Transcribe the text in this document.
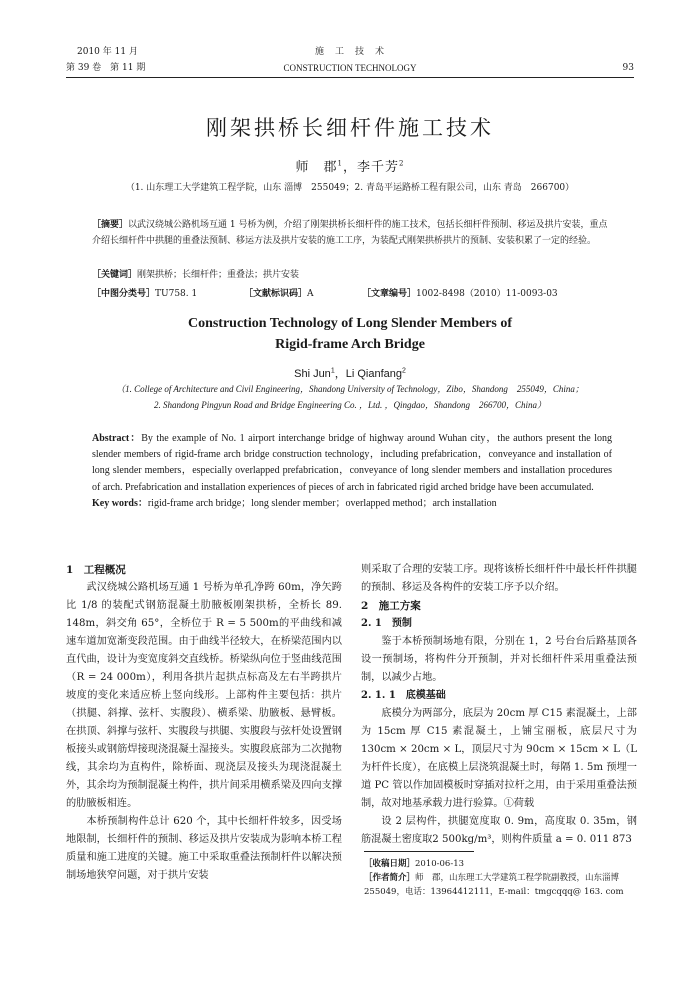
2010 年 11 月
第 39 卷　第 11 期
施　工　技　术
CONSTRUCTION TECHNOLOGY	93
刚架拱桥长细杆件施工技术
师　郡$^1$，李千芳$^2$
（1. 山东理工大学建筑工程学院，山东 淄博　255049；2. 青岛平运路桥工程有限公司，山东 青岛　266700）
［摘要］以武汉绕城公路机场互通 1 号桥为例，介绍了刚架拱桥长细杆件的施工技术，包括长细杆件预制、移运及拱片安装，重点介绍长细杆件中拱腿的重叠法预制、移运方法及拱片安装的施工工序，为装配式刚架拱桥拱片的预制、安装积累了一定的经验。
［关键词］刚架拱桥；长细杆件；重叠法；拱片安装
［中图分类号］TU758. 1	［文献标识码］A	［文章编号］1002-8498（2010）11-0093-03
Construction Technology of Long Slender Members of
Rigid-frame Arch Bridge
Shi Jun$^1$，Li Qianfang$^2$
（1. College of Architecture and Civil Engineering，Shandong University of Technology，Zibo，Shandong　255049，China；
2. Shandong Pingyun Road and Bridge Engineering Co. ，Ltd. ，Qingdao，Shandong　266700，China）
Abstract：By the example of No. 1 airport interchange bridge of highway around Wuhan city，the authors present the long slender members of rigid-frame arch bridge construction technology，including prefabrication，conveyance and installation of long slender members，especially overlapped prefabrication，conveyance of long slender members and installation procedures of arch. Prefabrication and installation experiences of pieces of arch in fabricated rigid arched bridge have been accumulated.
Key words：rigid-frame arch bridge；long slender member；overlapped method；arch installation
1　工程概况

武汉绕城公路机场互通 1 号桥为单孔净跨 60m，净矢跨比 1/8 的装配式钢筋混凝土肋腋板刚架拱桥，全桥长 89. 148m，斜交角 65°，全桥位于 R = 5 500m的平曲线和减速车道加宽渐变段范围。由于曲线半径较大，在桥梁范围内以直代曲，设计为变宽度斜交直线桥。桥梁纵向位于竖曲线范围（R = 24 000m），利用各拱片起拱点标高及左右半跨拱片坡度的变化来适应桥上竖向线形。上部构件主要包括：拱片（拱腿、斜撑、弦杆、实腹段）、横系梁、肋腋板、悬臂板。在拱顶、斜撑与弦杆、实腹段与拱腿、实腹段与弦杆处设置钢板接头或钢筋焊接现浇混凝土湿接头。实腹段底部为二次抛物线，其余均为直构件，除桥面、现浇层及接头为现浇混凝土外，其余均为预制混凝土构件，拱片间采用横系梁及四向支撑的肋腋板相连。

本桥预制构件总计 620 个，其中长细杆件较多，因受场地限制，长细杆件的预制、移运及拱片安装成为影响本桥工程质量和施工进度的关键。施工中采取重叠法预制杆件以解决预制场地狭窄问题，对于拱片安装

则采取了合理的安装工序。现将该桥长细杆件中最长杆件拱腿的预制、移运及各构件的安装工序予以介绍。

2　施工方案
2. 1　预制

鉴于本桥预制场地有限，分别在 1，2 号台台后路基顶各设一预制场，将构件分开预制，并对长细杆件采用重叠法预制，以减少占地。

2. 1. 1　底模基础

底模分为两部分，底层为 20cm 厚 C15 素混凝土，上部为 15cm 厚 C15 素混凝土，上铺宝丽板，底层尺寸为 130cm × 20cm × L，顶层尺寸为 90cm × 15cm × L（L 为杆件长度），在底模上层浇筑混凝土时，每隔 1. 5m 预埋一道 PC 管以作加固模板时穿插对拉杆之用，由于采用重叠法预制，故对地基承载力进行验算。①荷载

设 2 层构件，拱腿宽度取 0. 9m，高度取 0. 35m，钢筋混凝土密度取2 500kg/m³，则构件质量 a = 0. 011 873

［收稿日期］2010-06-13
［作者简介］师　郡，山东理工大学建筑工程学院副教授，山东淄博　255049，电话：13964412111，E-mail：tmgcqqq@ 163. com
